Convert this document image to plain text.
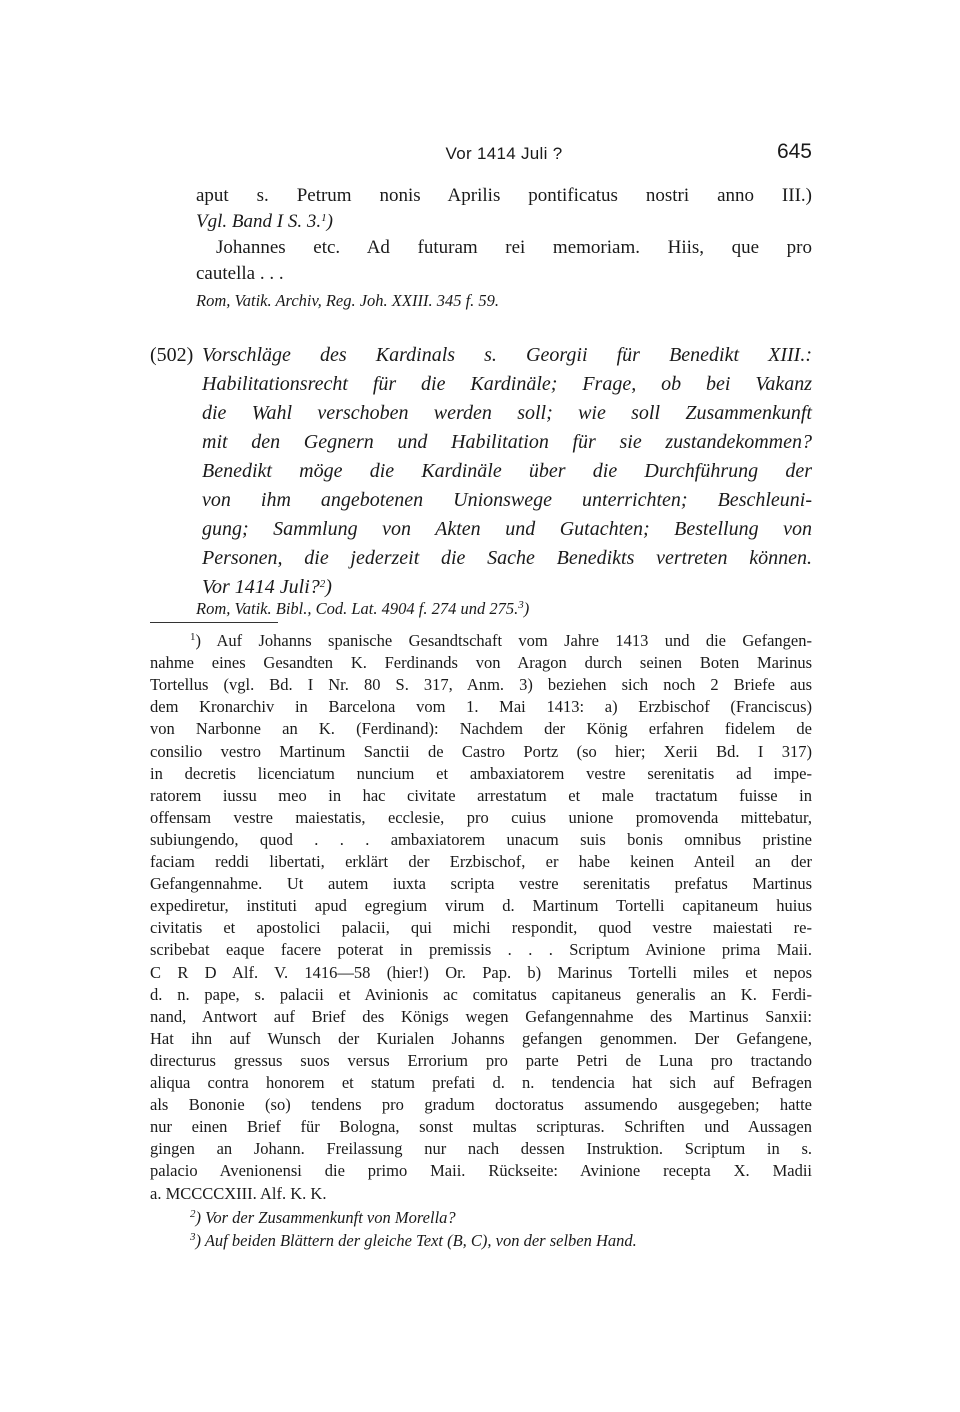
Vor 1414 Juli ?	645
aput s. Petrum nonis Aprilis pontificatus nostri anno III.)
Vgl. Band I S. 3.$^1$)
Johannes etc. Ad futuram rei memoriam. Hiis, que pro
cautella . . .
Rom, Vatik. Archiv, Reg. Joh. XXIII. 345 f. 59.
(502) Vorschläge des Kardinals s. Georgii für Benedikt XIII.:
Habilitationsrecht für die Kardinäle; Frage, ob bei Vakanz
die Wahl verschoben werden soll; wie soll Zusammenkunft
mit den Gegnern und Habilitation für sie zustandekommen?
Benedikt möge die Kardinäle über die Durchführung der
von ihm angebotenen Unionswege unterrichten; Beschleuni-
gung; Sammlung von Akten und Gutachten; Bestellung von
Personen, die jederzeit die Sache Benedikts vertreten können.
Vor 1414 Juli?$^2$)
Rom, Vatik. Bibl., Cod. Lat. 4904 f. 274 und 275.$^3$)
$^1$) Auf Johanns spanische Gesandtschaft vom Jahre 1413 und die Gefangen-
nahme eines Gesandten K. Ferdinands von Aragon durch seinen Boten Marinus
Tortellus (vgl. Bd. I Nr. 80 S. 317, Anm. 3) beziehen sich noch 2 Briefe aus
dem Kronarchiv in Barcelona vom 1. Mai 1413: a) Erzbischof (Franciscus)
von Narbonne an K. (Ferdinand): Nachdem der König erfahren fidelem de
consilio vestro Martinum Sanctii de Castro Portz (so hier; Xerii Bd. I 317)
in decretis licenciatum nuncium et ambaxiatorem vestre serenitatis ad impe-
ratorem iussu meo in hac civitate arrestatum et male tractatum fuisse in
offensam vestre maiestatis, ecclesie, pro cuius unione promovenda mittebatur,
subiungendo, quod . . . ambaxiatorem unacum suis bonis omnibus pristine
faciam reddi libertati, erklärt der Erzbischof, er habe keinen Anteil an der
Gefangennahme. Ut autem iuxta scripta vestre serenitatis prefatus Martinus
expediretur, instituti apud egregium virum d. Martinum Tortelli capitaneum huius
civitatis et apostolici palacii, qui michi respondit, quod vestre maiestati re-
scribebat eaque facere poterat in premissis . . . Scriptum Avinione prima Maii.
C R D Alf. V. 1416—58 (hier!) Or. Pap. b) Marinus Tortelli miles et nepos
d. n. pape, s. palacii et Avinionis ac comitatus capitaneus generalis an K. Ferdi-
nand, Antwort auf Brief des Königs wegen Gefangennahme des Martinus Sanxii:
Hat ihn auf Wunsch der Kurialen Johanns gefangen genommen. Der Gefangene,
directurus gressus suos versus Errorium pro parte Petri de Luna pro tractando
aliqua contra honorem et statum prefati d. n. tendencia hat sich auf Befragen
als Bononie (so) tendens pro gradum doctoratus assumendo ausgegeben; hatte
nur einen Brief für Bologna, sonst multas scripturas. Schriften und Aussagen
gingen an Johann. Freilassung nur nach dessen Instruktion. Scriptum in s.
palacio Avenionensi die primo Maii. Rückseite: Avinione recepta X. Madii
a. MCCCCXIII. Alf. K. K.
$^2$) Vor der Zusammenkunft von Morella?
$^3$) Auf beiden Blättern der gleiche Text (B, C), von der selben Hand.
